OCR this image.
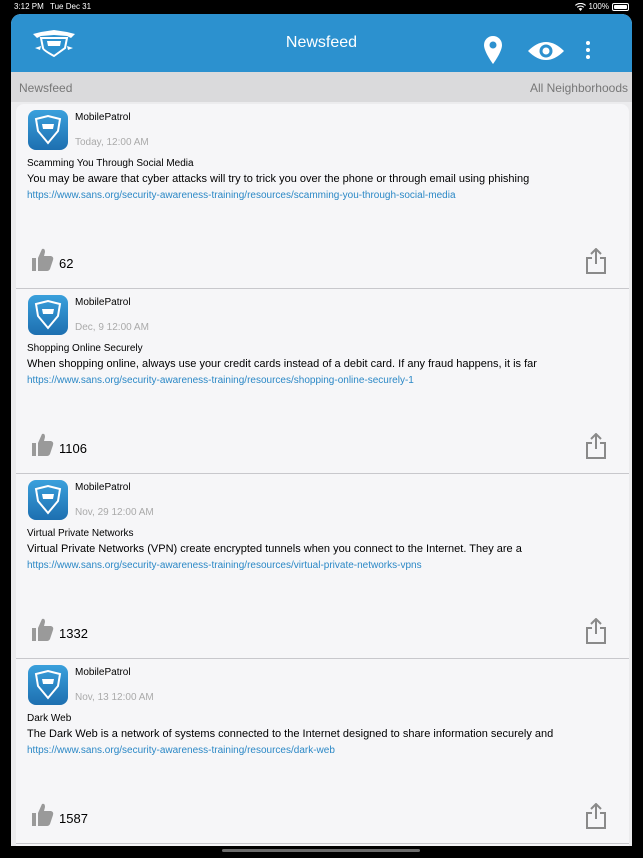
3:12 PM Tue Dec 31	100%
Newsfeed
Newsfeed	All Neighborhoods
MobilePatrol
Today, 12:00 AM
Scamming You Through Social Media
You may be aware that cyber attacks will try to trick you over the phone or through email using phishing
https://www.sans.org/security-awareness-training/resources/scamming-you-through-social-media
62
MobilePatrol
Dec, 9 12:00 AM
Shopping Online Securely
When shopping online, always use your credit cards instead of a debit card. If any fraud happens, it is far
https://www.sans.org/security-awareness-training/resources/shopping-online-securely-1
1106
MobilePatrol
Nov, 29 12:00 AM
Virtual Private Networks
Virtual Private Networks (VPN) create encrypted tunnels when you connect to the Internet. They are a
https://www.sans.org/security-awareness-training/resources/virtual-private-networks-vpns
1332
MobilePatrol
Nov, 13 12:00 AM
Dark Web
The Dark Web is a network of systems connected to the Internet designed to share information securely and
https://www.sans.org/security-awareness-training/resources/dark-web
1587
